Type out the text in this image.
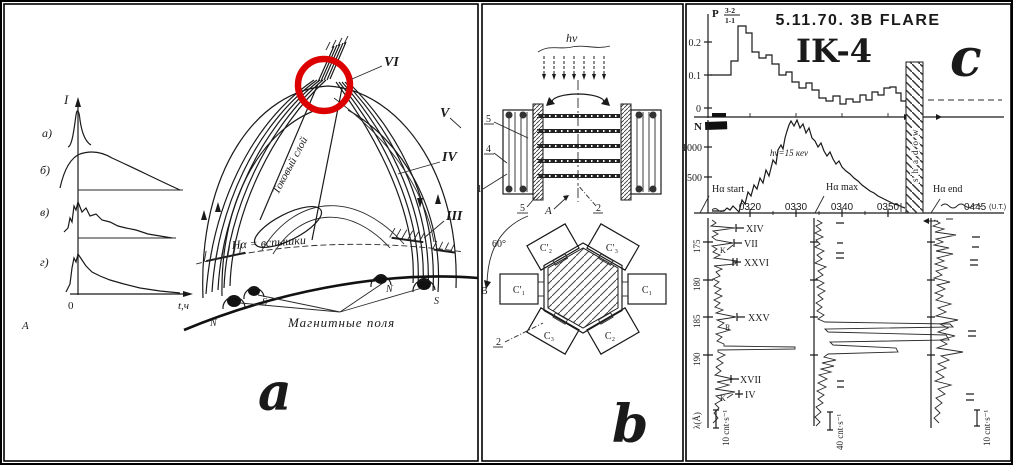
I
0	t,ч
A
а)
б)
в)
г)
Токовый слой
VI
V
IV
III
Hα = вспышки
N
S
N
S
Магнитные поля
a
hν
5
4
1
5 A	2
C′₂	C′₃
C′₁	C₁
C₃	C₂
60°
B
2
b
5.11.70. 3B FLARE
IK-4 c
P 3-2
1-1
0.2
0.1
0
N
1000
500
hν=15 кev
0320 0330 0340 0350	0445 (U.T.)
Hα start	Hα max	Hα end
shadow
175
180
185
190
λ(Å)
XIV
VII
K
XXVI
XXV
R
XVII
IV
K
10 cnt·s⁻¹	40 cnt·s⁻¹	10 cnt·s⁻¹
